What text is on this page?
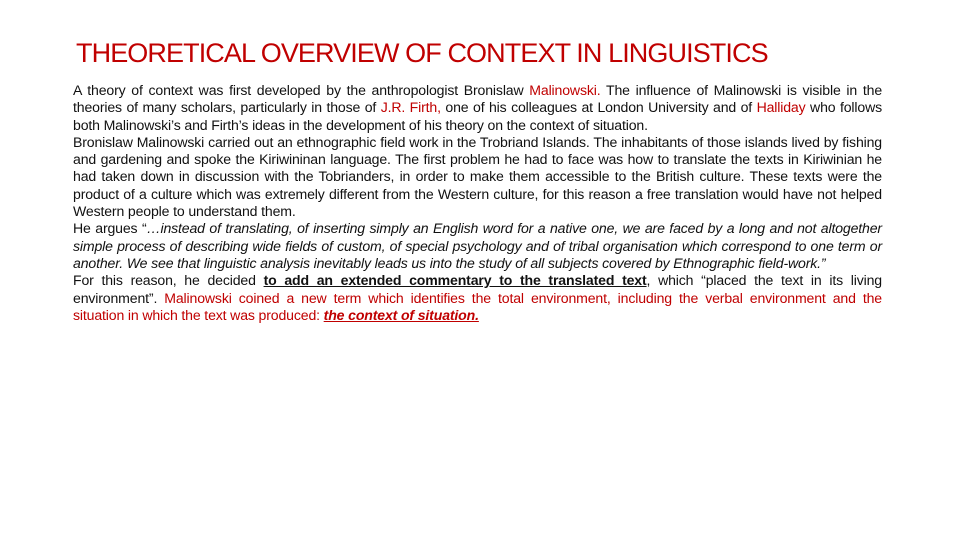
THEORETICAL OVERVIEW OF CONTEXT IN LINGUISTICS

A theory of context was first developed by the anthropologist Bronislaw Malinowski. The influence of Malinowski is visible in the theories of many scholars, particularly in those of J.R. Firth, one of his colleagues at London University and of Halliday who follows both Malinowski’s and Firth’s ideas in the development of his theory on the context of situation.

Bronislaw Malinowski carried out an ethnographic field work in the Trobriand Islands. The inhabitants of those islands lived by fishing and gardening and spoke the Kiriwininan language. The first problem he had to face was how to translate the texts in Kiriwinian he had taken down in discussion with the Tobrianders, in order to make them accessible to the British culture. These texts were the product of a culture which was extremely different from the Western culture, for this reason a free translation would have not helped Western people to understand them.

He argues “…instead of translating, of inserting simply an English word for a native one, we are faced by a long and not altogether simple process of describing wide fields of custom, of special psychology and of tribal organisation which correspond to one term or another. We see that linguistic analysis inevitably leads us into the study of all subjects covered by Ethnographic field-work.”

For this reason, he decided to add an extended commentary to the translated text, which “placed the text in its living environment”. Malinowski coined a new term which identifies the total environment, including the verbal environment and the situation in which the text was produced: the context of situation.
